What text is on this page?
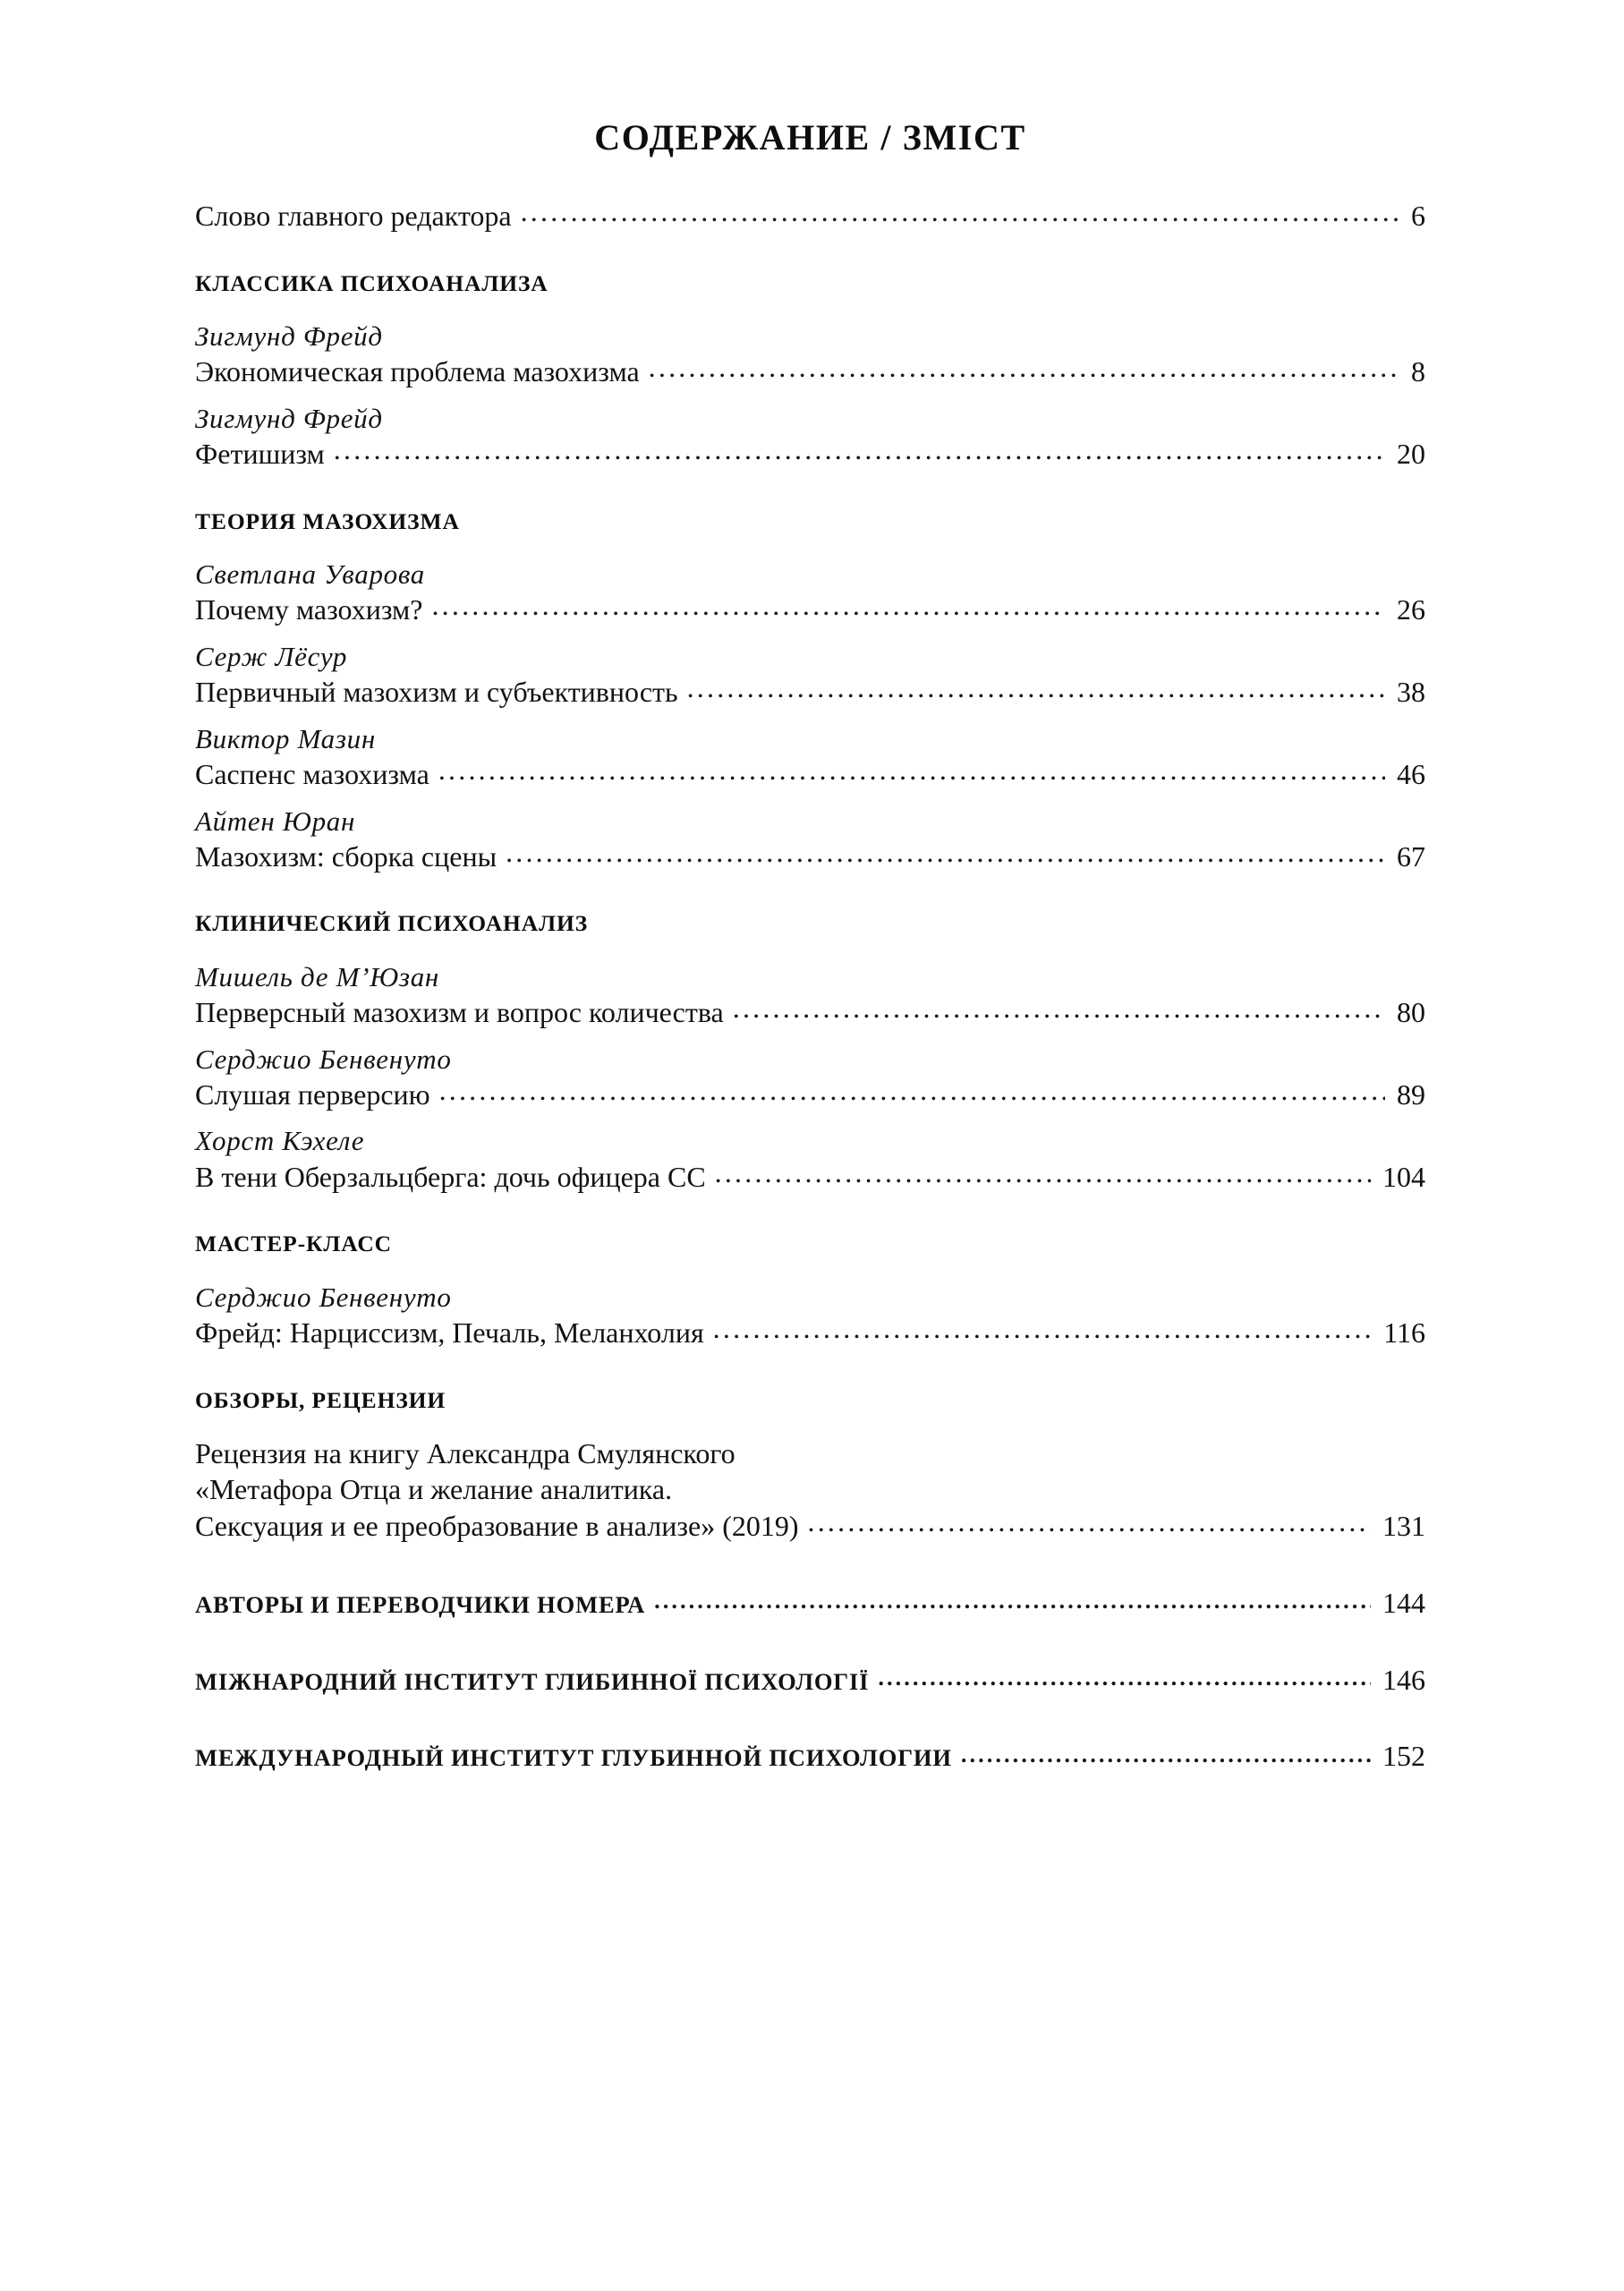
СОДЕРЖАНИЕ / ЗМІСТ
Слово главного редактора .....	6
КЛАССИКА ПСИХОАНАЛИЗА
Зигмунд Фрейд
Экономическая проблема мазохизма .....	8
Зигмунд Фрейд
Фетишизм .....	20
ТЕОРИЯ МАЗОХИЗМА
Светлана Уварова
Почему мазохизм? .....	26
Серж Лёсур
Первичный мазохизм и субъективность .....	38
Виктор Мазин
Саспенс мазохизма .....	46
Айтен Юран
Мазохизм: сборка сцены .....	67
КЛИНИЧЕСКИЙ ПСИХОАНАЛИЗ
Мишель де М’Юзан
Перверсный мазохизм и вопрос количества .....	80
Серджио Бенвенуто
Слушая перверсию .....	89
Хорст Кэхеле
В тени Оберзальцберга: дочь офицера СС .....	104
МАСТЕР-КЛАСС
Серджио Бенвенуто
Фрейд: Нарциссизм, Печаль, Меланхолия .....	116
ОБЗОРЫ, РЕЦЕНЗИИ
Рецензия на книгу Александра Смулянского
«Метафора Отца и желание аналитика.
Сексуация и ее преобразование в анализе» (2019) .....	131
АВТОРЫ И ПЕРЕВОДЧИКИ НОМЕРА .....	144
МІЖНАРОДНИЙ ІНСТИТУТ ГЛИБИННОЇ ПСИХОЛОГІЇ .....	146
МЕЖДУНАРОДНЫЙ ИНСТИТУТ ГЛУБИННОЙ ПСИХОЛОГИИ .....	152
